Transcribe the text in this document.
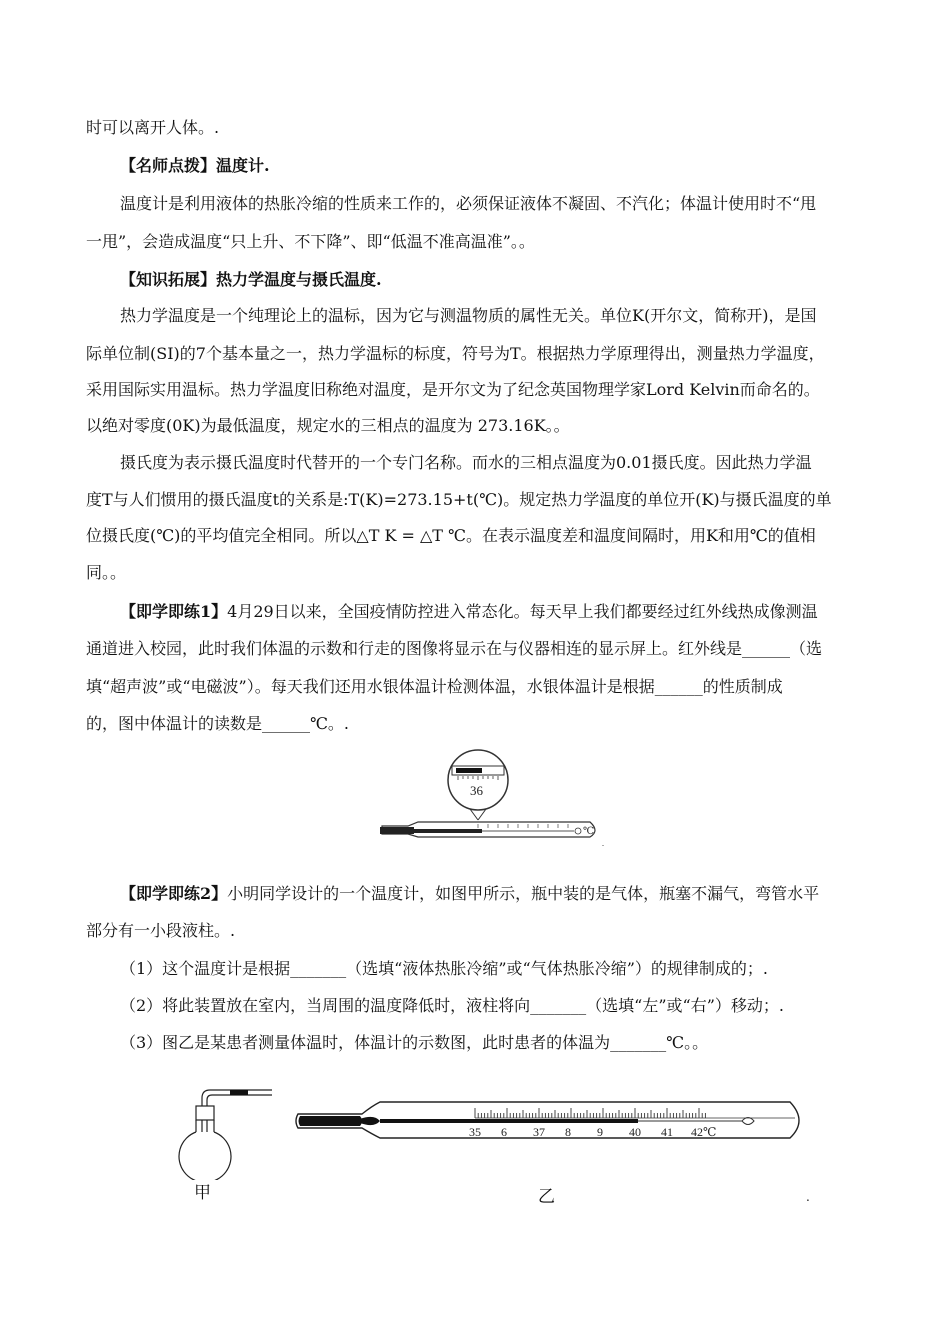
时可以离开人体。.
【名师点拨】温度计.
温度计是利用液体的热胀冷缩的性质来工作的，必须保证液体不凝固、不汽化；体温计使用时不“甩
一甩”，会造成温度“只上升、不下降”、即“低温不准高温准”。。
【知识拓展】热力学温度与摄氏温度.
热力学温度是一个纯理论上的温标，因为它与测温物质的属性无关。单位K(开尔文，简称开)，是国
际单位制(SI)的7个基本量之一，热力学温标的标度，符号为T。根据热力学原理得出，测量热力学温度，
采用国际实用温标。热力学温度旧称绝对温度，是开尔文为了纪念英国物理学家Lord Kelvin而命名的。
以绝对零度(0K)为最低温度，规定水的三相点的温度为 273.16K。。
摄氏度为表示摄氏温度时代替开的一个专门名称。而水的三相点温度为0.01摄氏度。因此热力学温
度T与人们惯用的摄氏温度t的关系是:T(K)=273.15+t(℃)。规定热力学温度的单位开(K)与摄氏温度的单
位摄氏度(℃)的平均值完全相同。所以△T K = △T ℃。在表示温度差和温度间隔时，用K和用℃的值相
同。。
【即学即练1】4月29日以来，全国疫情防控进入常态化。每天早上我们都要经过红外线热成像测温
通道进入校园，此时我们体温的示数和行走的图像将显示在与仪器相连的显示屏上。红外线是______（选
填“超声波”或“电磁波”）。每天我们还用水银体温计检测体温，水银体温计是根据______的性质制成
的，图中体温计的读数是______℃。.
36
℃
.
【即学即练2】小明同学设计的一个温度计，如图甲所示，瓶中装的是气体，瓶塞不漏气，弯管水平
部分有一小段液柱。.
（1）这个温度计是根据_______（选填“液体热胀冷缩”或“气体热胀冷缩”）的规律制成的；.
（2）将此装置放在室内，当周围的温度降低时，液柱将向_______（选填“左”或“右”）移动；.
（3）图乙是某患者测量体温时，体温计的示数图，此时患者的体温为_______℃。。
甲
35 6 37 8 9 40 41 42℃
乙	.
